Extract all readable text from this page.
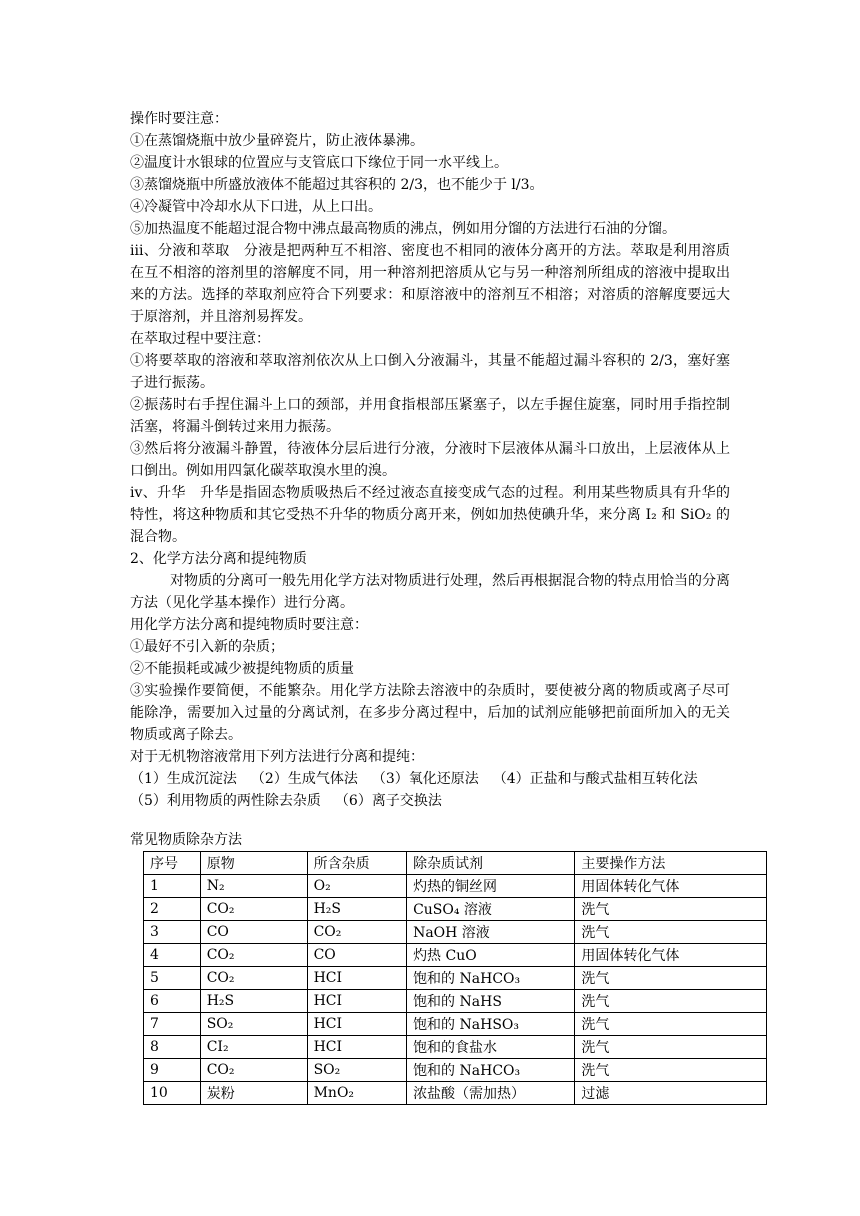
操作时要注意：
①在蒸馏烧瓶中放少量碎瓷片，防止液体暴沸。
②温度计水银球的位置应与支管底口下缘位于同一水平线上。
③蒸馏烧瓶中所盛放液体不能超过其容积的 2/3，也不能少于 l/3。
④冷凝管中冷却水从下口进，从上口出。
⑤加热温度不能超过混合物中沸点最高物质的沸点，例如用分馏的方法进行石油的分馏。
iii、分液和萃取　分液是把两种互不相溶、密度也不相同的液体分离开的方法。萃取是利用溶质在互不相溶的溶剂里的溶解度不同，用一种溶剂把溶质从它与另一种溶剂所组成的溶液中提取出来的方法。选择的萃取剂应符合下列要求：和原溶液中的溶剂互不相溶；对溶质的溶解度要远大于原溶剂，并且溶剂易挥发。
在萃取过程中要注意：
①将要萃取的溶液和萃取溶剂依次从上口倒入分液漏斗，其量不能超过漏斗容积的 2/3，塞好塞子进行振荡。
②振荡时右手捏住漏斗上口的颈部，并用食指根部压紧塞子，以左手握住旋塞，同时用手指控制活塞，将漏斗倒转过来用力振荡。
③然后将分液漏斗静置，待液体分层后进行分液，分液时下层液体从漏斗口放出，上层液体从上口倒出。例如用四氯化碳萃取溴水里的溴。
iv、升华　升华是指固态物质吸热后不经过液态直接变成气态的过程。利用某些物质具有升华的特性，将这种物质和其它受热不升华的物质分离开来，例如加热使碘升华，来分离 I₂ 和 SiO₂ 的混合物。
2、化学方法分离和提纯物质
对物质的分离可一般先用化学方法对物质进行处理，然后再根据混合物的特点用恰当的分离方法（见化学基本操作）进行分离。
用化学方法分离和提纯物质时要注意：
①最好不引入新的杂质；
②不能损耗或减少被提纯物质的质量
③实验操作要简便，不能繁杂。用化学方法除去溶液中的杂质时，要使被分离的物质或离子尽可能除净，需要加入过量的分离试剂，在多步分离过程中，后加的试剂应能够把前面所加入的无关物质或离子除去。
对于无机物溶液常用下列方法进行分离和提纯：
（1）生成沉淀法 （2）生成气体法 （3）氧化还原法 （4）正盐和与酸式盐相互转化法（5）利用物质的两性除去杂质 （6）离子交换法
常见物质除杂方法
序号	原物	所含杂质	除杂质试剂	主要操作方法
1	N₂	O₂	灼热的铜丝网	用固体转化气体
2	CO₂	H₂S	CuSO₄ 溶液	洗气
3	CO	CO₂	NaOH 溶液	洗气
4	CO₂	CO	灼热 CuO	用固体转化气体
5	CO₂	HCI	饱和的 NaHCO₃	洗气
6	H₂S	HCI	饱和的 NaHS	洗气
7	SO₂	HCI	饱和的 NaHSO₃	洗气
8	CI₂	HCI	饱和的食盐水	洗气
9	CO₂	SO₂	饱和的 NaHCO₃	洗气
10	炭粉	MnO₂	浓盐酸（需加热）	过滤
